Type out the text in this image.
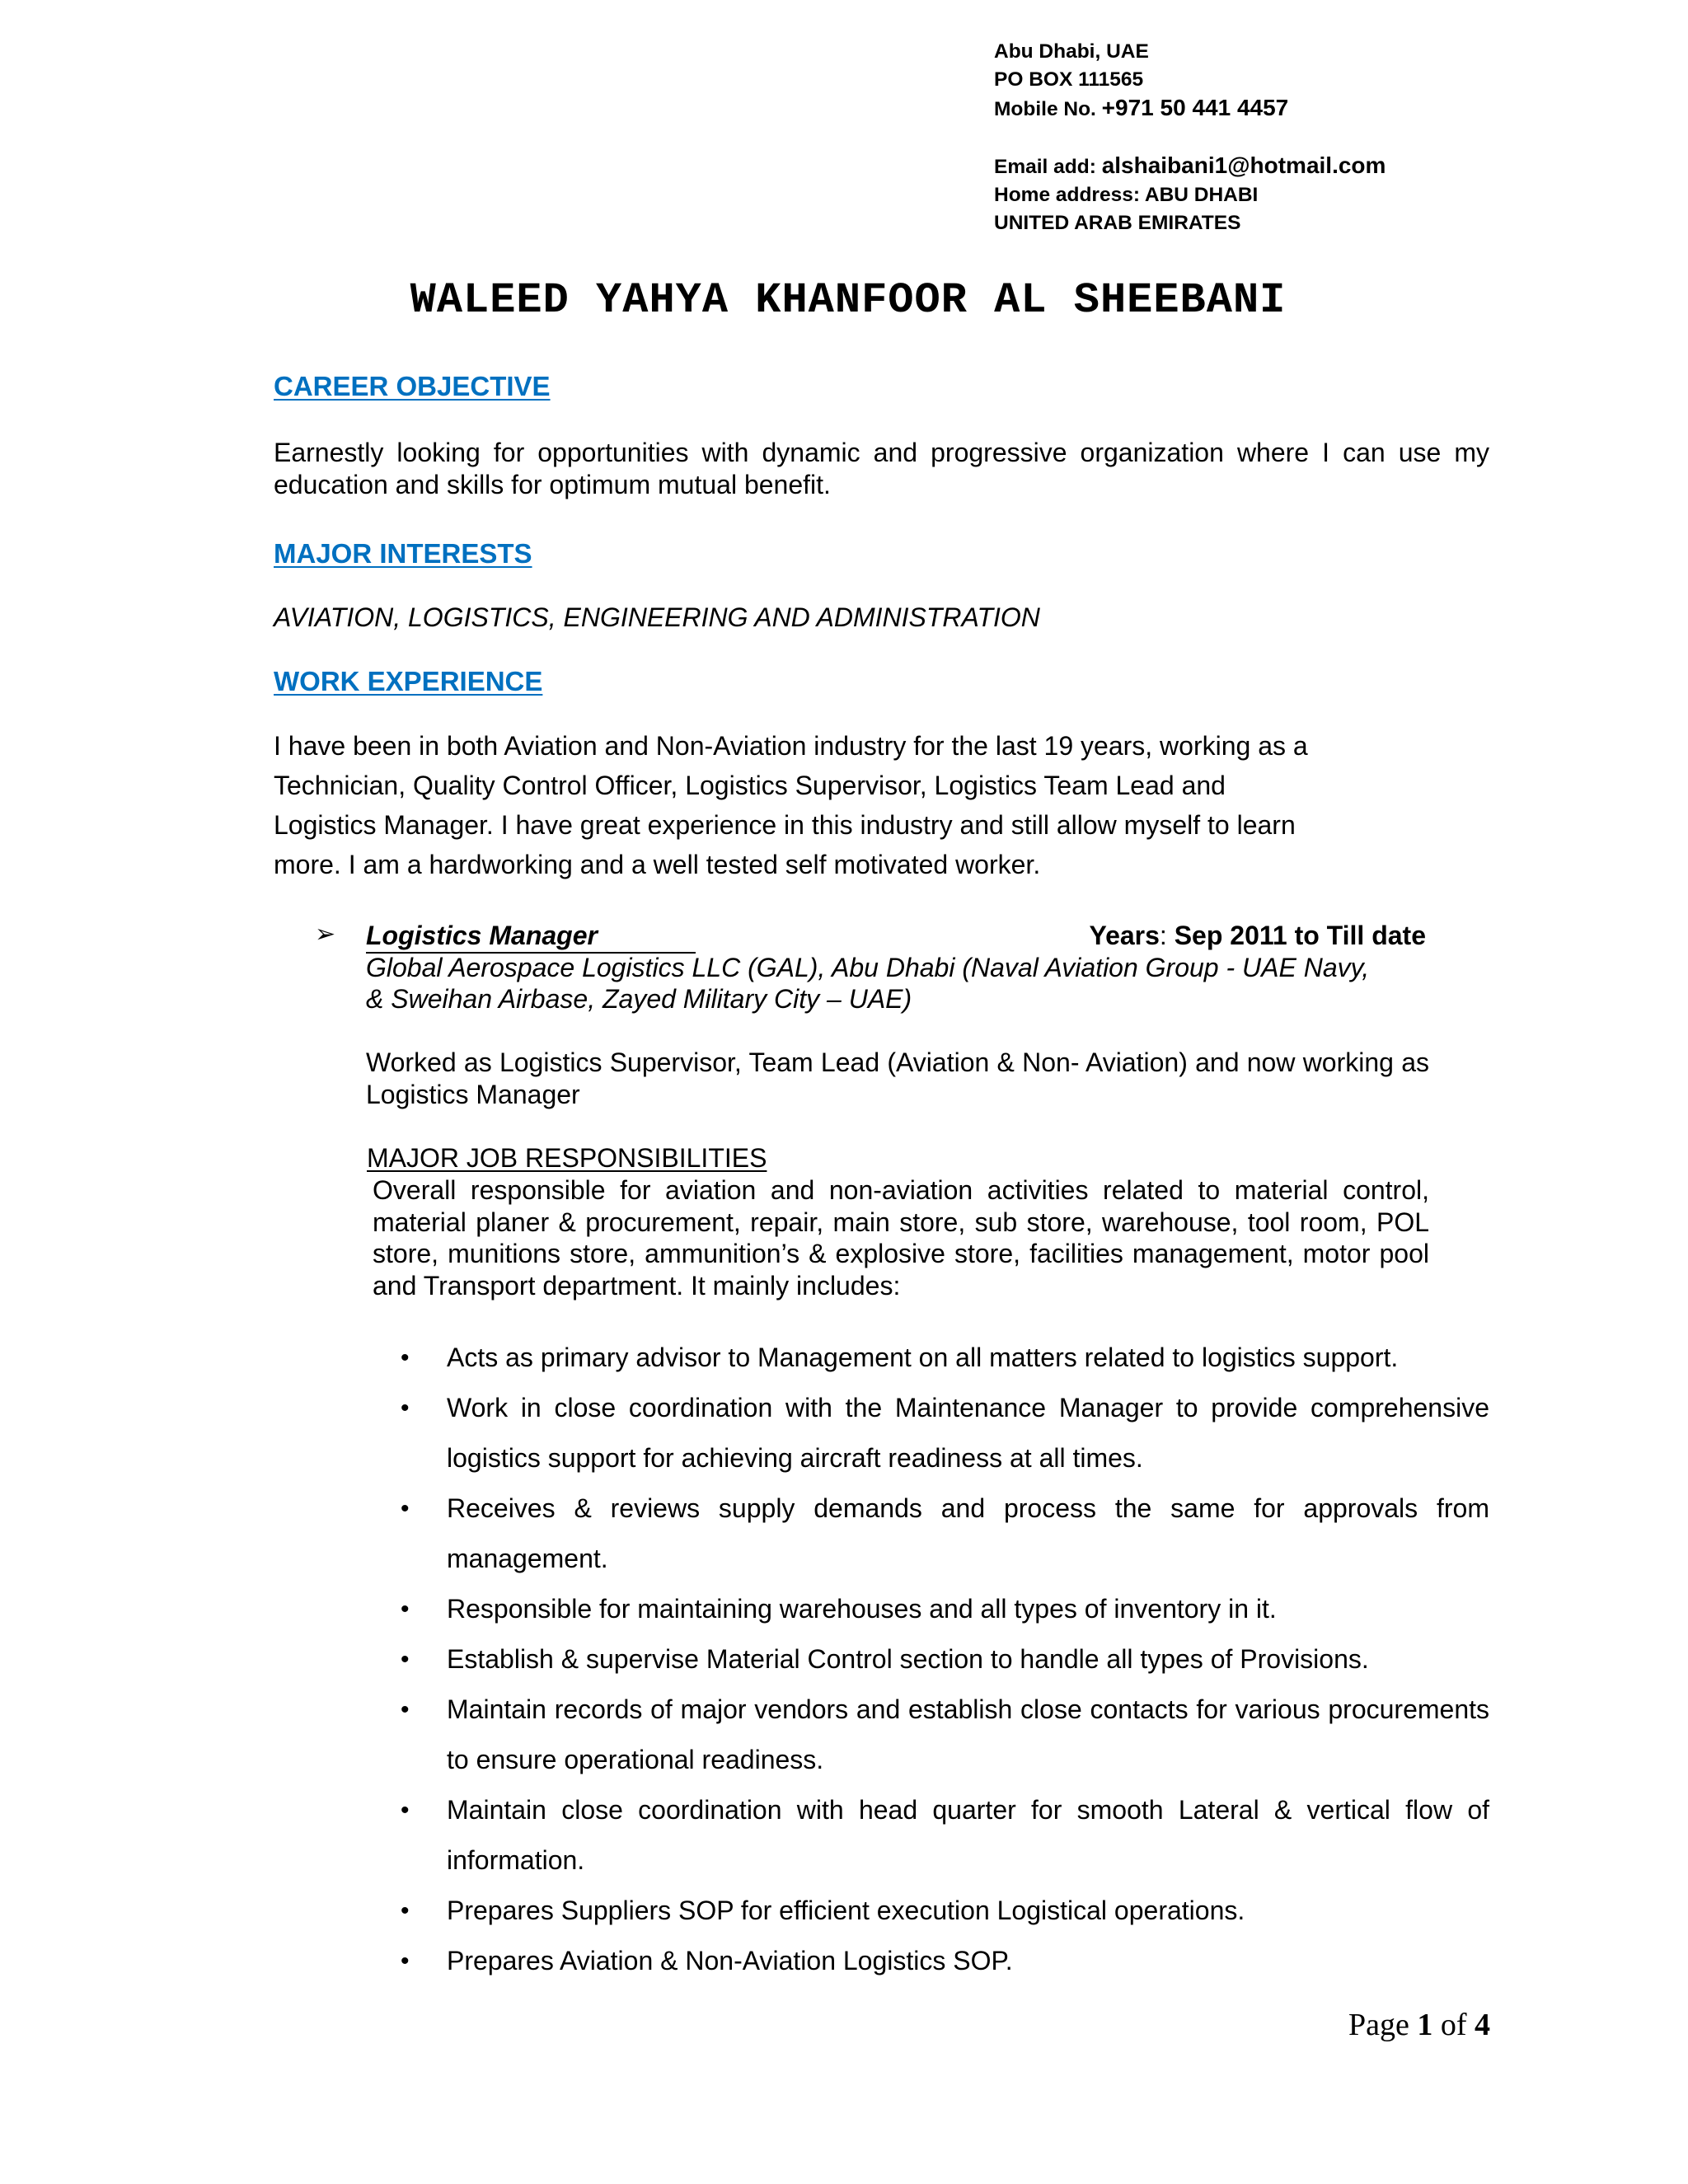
Abu Dhabi, UAE
PO BOX 111565
Mobile No. +971 50 441 4457
Email add: alshaibani1@hotmail.com
Home address: ABU DHABI
UNITED ARAB EMIRATES
WALEED YAHYA KHANFOOR AL SHEEBANI
CAREER OBJECTIVE
Earnestly looking for opportunities with dynamic and progressive organization where I can use my education and skills for optimum mutual benefit.
MAJOR INTERESTS
AVIATION, LOGISTICS, ENGINEERING AND ADMINISTRATION
WORK EXPERIENCE
I have been in both Aviation and Non-Aviation industry for the last 19 years, working as a
Technician, Quality Control Officer, Logistics Supervisor, Logistics Team Lead and
Logistics Manager. I have great experience in this industry and still allow myself to learn
more. I am a hardworking and a well tested self motivated worker.
➢ Logistics Manager	Years: Sep 2011 to Till date
Global Aerospace Logistics LLC (GAL), Abu Dhabi (Naval Aviation Group - UAE Navy,
& Sweihan Airbase, Zayed Military City – UAE)
Worked as Logistics Supervisor, Team Lead (Aviation & Non- Aviation) and now working as Logistics Manager
MAJOR JOB RESPONSIBILITIES
Overall responsible for aviation and non-aviation activities related to material control, material planer & procurement, repair, main store, sub store, warehouse, tool room, POL store, munitions store, ammunition’s & explosive store, facilities management, motor pool and Transport department. It mainly includes:
• Acts as primary advisor to Management on all matters related to logistics support.
• Work in close coordination with the Maintenance Manager to provide comprehensive logistics support for achieving aircraft readiness at all times.
• Receives & reviews supply demands and process the same for approvals from management.
• Responsible for maintaining warehouses and all types of inventory in it.
• Establish & supervise Material Control section to handle all types of Provisions.
• Maintain records of major vendors and establish close contacts for various procurements to ensure operational readiness.
• Maintain close coordination with head quarter for smooth Lateral & vertical flow of information.
• Prepares Suppliers SOP for efficient execution Logistical operations.
• Prepares Aviation & Non-Aviation Logistics SOP.
Page 1 of 4
